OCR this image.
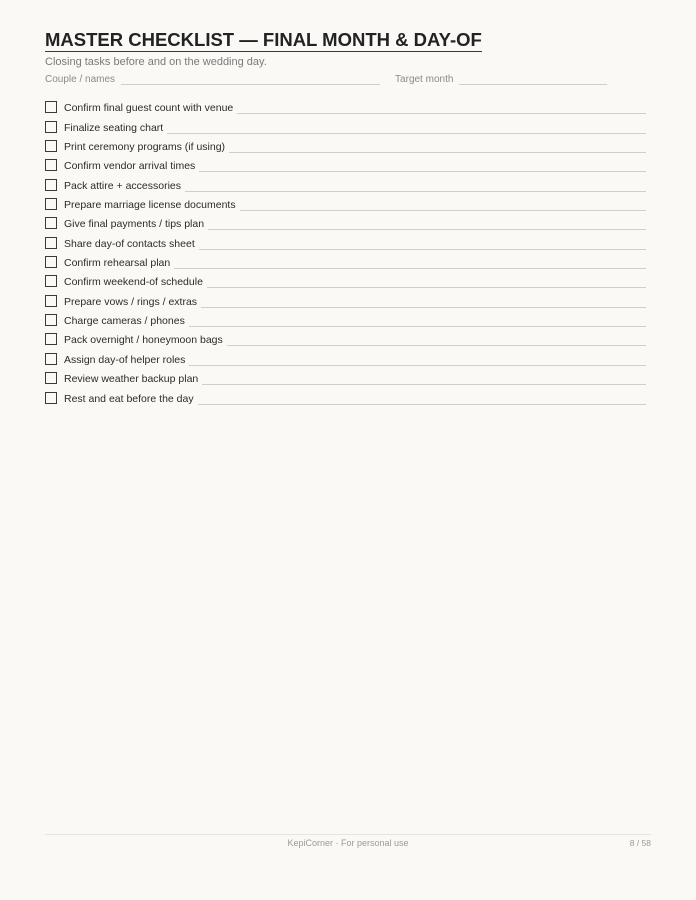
MASTER CHECKLIST — FINAL MONTH & DAY-OF
Closing tasks before and on the wedding day.
Couple / names	Target month
Confirm final guest count with venue
Finalize seating chart
Print ceremony programs (if using)
Confirm vendor arrival times
Pack attire + accessories
Prepare marriage license documents
Give final payments / tips plan
Share day-of contacts sheet
Confirm rehearsal plan
Confirm weekend-of schedule
Prepare vows / rings / extras
Charge cameras / phones
Pack overnight / honeymoon bags
Assign day-of helper roles
Review weather backup plan
Rest and eat before the day
KepiCorner · For personal use	8 / 58
